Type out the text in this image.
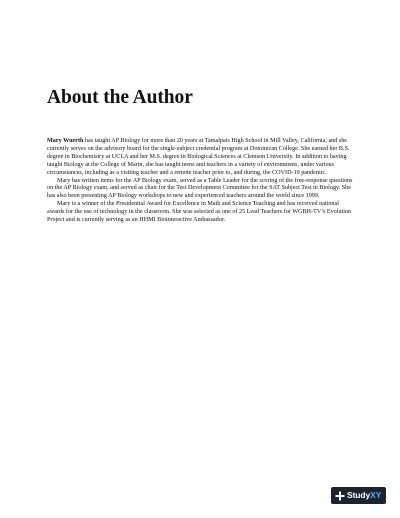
About the Author

Mary Wuerth has taught AP Biology for more than 20 years at Tamalpais High School in Mill Valley, California, and she currently serves on the advisory board for the single-subject credential program at Dominican College. She earned her B.S. degree in Biochemistry at UCLA and her M.S. degree in Biological Sciences at Clemson University. In addition to having taught Biology at the College of Marin, she has taught teens and teachers in a variety of environments, under various circumstances, including as a visiting teacher and a remote teacher prior to, and during, the COVID-19 pandemic.

Mary has written items for the AP Biology exam, served as a Table Leader for the scoring of the free-response questions on the AP Biology exam, and served as chair for the Test Development Committee for the SAT Subject Test in Biology. She has also been presenting AP Biology workshops to new and experienced teachers around the world since 1999.

Mary is a winner of the Presidential Award for Excellence in Math and Science Teaching and has received national awards for the use of technology in the classroom. She was selected as one of 25 Lead Teachers for WGBH-TV’s Evolution Project and is currently serving as an HHMI Biointeractive Ambassador.

StudyXY
